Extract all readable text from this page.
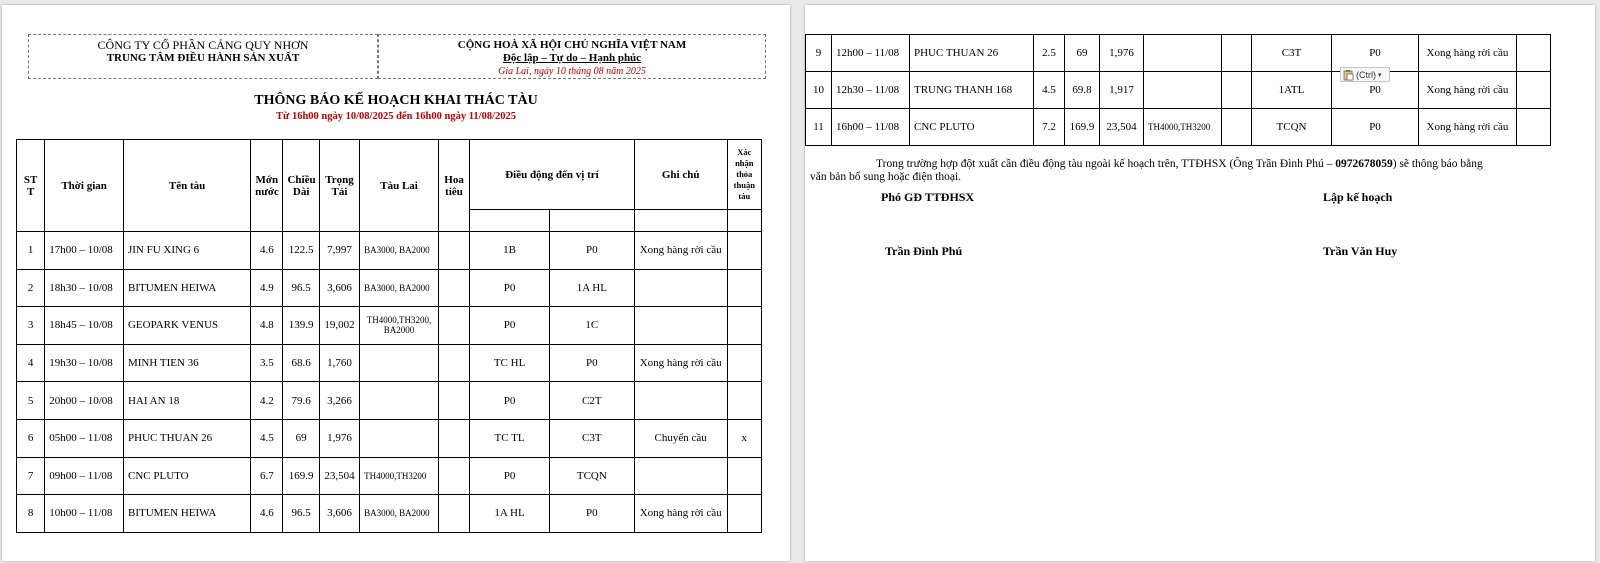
CÔNG TY CỔ PHẦN CẢNG QUY NHƠN
TRUNG TÂM ĐIỀU HÀNH SẢN XUẤT
CỘNG HOÀ XÃ HỘI CHỦ NGHĨA VIỆT NAM
Độc lập – Tự do – Hạnh phúc
Gia Lai, ngày 10 tháng 08 năm 2025
THÔNG BÁO KẾ HOẠCH KHAI THÁC TÀU
Từ 16h00 ngày 10/08/2025 đến 16h00 ngày 11/08/2025
ST T	Thời gian	Tên tàu	Mớn nước	Chiều Dài	Trọng Tải	Tàu Lai	Hoa tiêu	Điều động đến vị trí		Ghi chú	Xác nhận thỏa thuận tàu

1	17h00 – 10/08	JIN FU XING 6	4.6	122.5	7,997	BA3000, BA2000		1B	P0	Xong hàng rời cầu	
2	18h30 – 10/08	BITUMEN HEIWA	4.9	96.5	3,606	BA3000, BA2000		P0	1A HL		
3	18h45 – 10/08	GEOPARK VENUS	4.8	139.9	19,002	TH4000,TH3200, BA2000		P0	1C		
4	19h30 – 10/08	MINH TIEN 36	3.5	68.6	1,760			TC HL	P0	Xong hàng rời cầu	
5	20h00 – 10/08	HAI AN 18	4.2	79.6	3,266			P0	C2T		
6	05h00 – 11/08	PHUC THUAN 26	4.5	69	1,976			TC TL	C3T	Chuyển cầu	x
7	09h00 – 11/08	CNC PLUTO	6.7	169.9	23,504	TH4000,TH3200		P0	TCQN		
8	10h00 – 11/08	BITUMEN HEIWA	4.6	96.5	3,606	BA3000, BA2000		1A HL	P0	Xong hàng rời cầu	
9	12h00 – 11/08	PHUC THUAN 26	2.5	69	1,976			C3T	P0	Xong hàng rời cầu	
10	12h30 – 11/08	TRUNG THANH 168	4.5	69.8	1,917			1ATL	P0	Xong hàng rời cầu	
11	16h00 – 11/08	CNC PLUTO	7.2	169.9	23,504	TH4000,TH3200		TCQN	P0	Xong hàng rời cầu	
(Ctrl) ▾
Trong trường hợp đột xuất cần điều động tàu ngoài kế hoạch trên, TTĐHSX (Ông Trần Đình Phú – 0972678059) sẽ thông báo bằng
văn bản bổ sung hoặc điện thoại.
Phó GĐ TTĐHSX	Lập kế hoạch
Trần Đình Phú	Trần Văn Huy
